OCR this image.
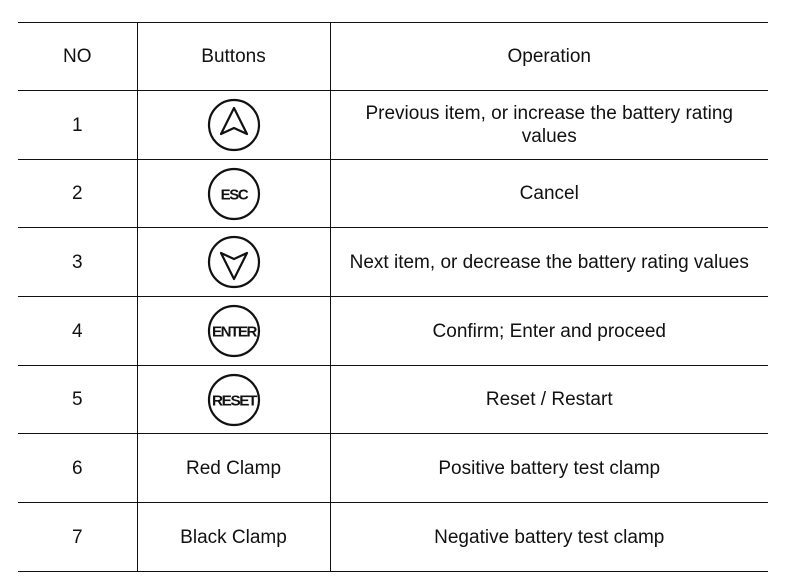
NO	Buttons	Operation
1		Previous item, or increase the battery rating values
2	ESC	Cancel
3		Next item, or decrease the battery rating values
4	ENTER	Confirm; Enter and proceed
5	RESET	Reset / Restart
6	Red Clamp	Positive battery test clamp
7	Black Clamp	Negative battery test clamp
